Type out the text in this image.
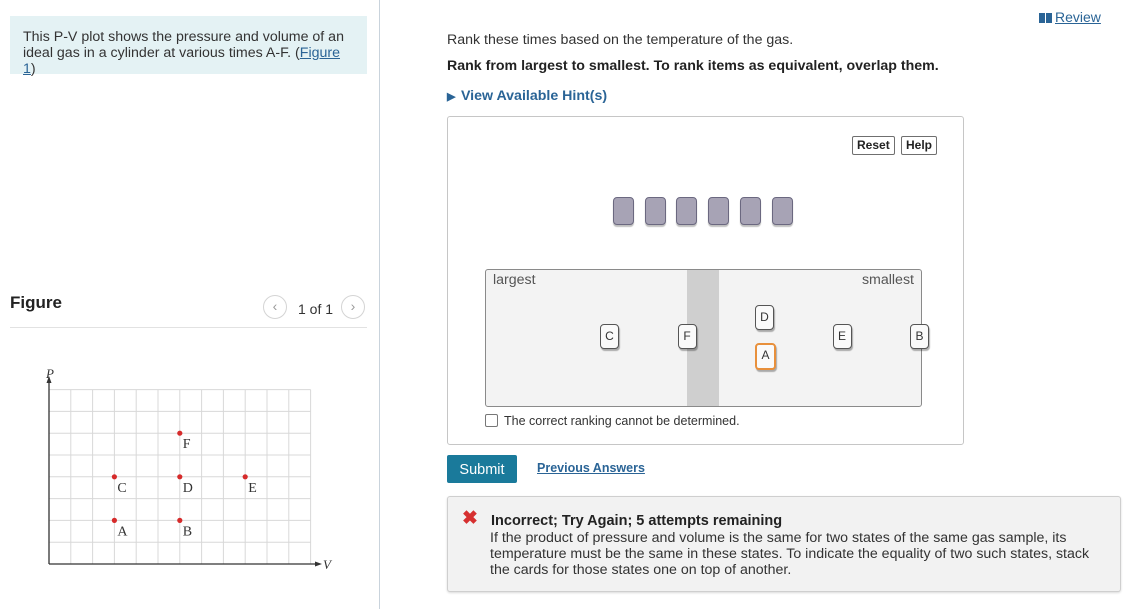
This P-V plot shows the pressure and volume of an ideal gas in a cylinder at various times A-F. (Figure 1)
Figure	‹	1 of 1	›
P
V
A	B
C	D	E
F
Review
Rank these times based on the temperature of the gas.
Rank from largest to smallest. To rank items as equivalent, overlap them.
▶ View Available Hint(s)
Reset	Help
largest	smallest
C	F
D
A
E	B
The correct ranking cannot be determined.
Submit	Previous Answers
✖ Incorrect; Try Again; 5 attempts remaining
If the product of pressure and volume is the same for two states of the same gas sample, its temperature must be the same in these states. To indicate the equality of two such states, stack the cards for those states one on top of another.
